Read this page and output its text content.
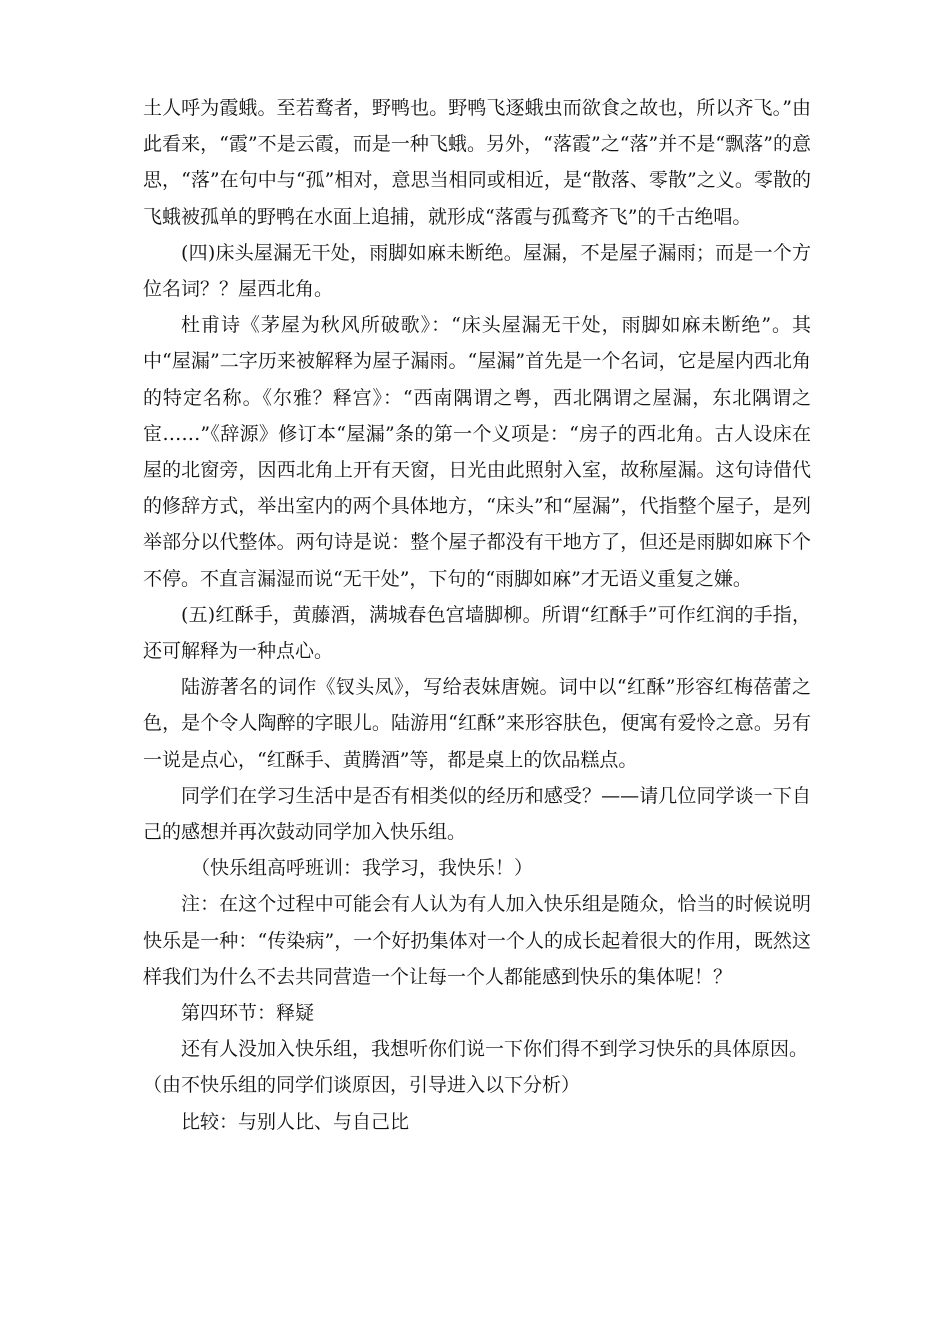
土人呼为霞蛾。至若鹜者，野鸭也。野鸭飞逐蛾虫而欲食之故也，所以齐飞。”由此看来，“霞”不是云霞，而是一种飞蛾。另外，“落霞”之“落”并不是“飘落”的意思，“落”在句中与“孤”相对，意思当相同或相近，是“散落、零散”之义。零散的飞蛾被孤单的野鸭在水面上追捕，就形成“落霞与孤鹜齐飞”的千古绝唱。

(四)床头屋漏无干处，雨脚如麻未断绝。屋漏，不是屋子漏雨；而是一个方位名词？？屋西北角。

杜甫诗《茅屋为秋风所破歌》：“床头屋漏无干处，雨脚如麻未断绝”。其中“屋漏”二字历来被解释为屋子漏雨。“屋漏”首先是一个名词，它是屋内西北角的特定名称。《尔雅？释宫》：“西南隅谓之粤，西北隅谓之屋漏，东北隅谓之宦……”《辞源》修订本“屋漏”条的第一个义项是：“房子的西北角。古人设床在屋的北窗旁，因西北角上开有天窗，日光由此照射入室，故称屋漏。这句诗借代的修辞方式，举出室内的两个具体地方，“床头”和“屋漏”，代指整个屋子，是列举部分以代整体。两句诗是说：整个屋子都没有干地方了，但还是雨脚如麻下个不停。不直言漏湿而说“无干处”，下句的“雨脚如麻”才无语义重复之嫌。

(五)红酥手，黄藤酒，满城春色宫墙脚柳。所谓“红酥手”可作红润的手指，还可解释为一种点心。

陆游著名的词作《钗头凤》，写给表妹唐婉。词中以“红酥”形容红梅蓓蕾之色，是个令人陶醉的字眼儿。陆游用“红酥”来形容肤色，便寓有爱怜之意。另有一说是点心，“红酥手、黄腾酒”等，都是桌上的饮品糕点。

同学们在学习生活中是否有相类似的经历和感受？——请几位同学谈一下自己的感想并再次鼓动同学加入快乐组。

（快乐组高呼班训：我学习，我快乐！）

注：在这个过程中可能会有人认为有人加入快乐组是随众，恰当的时候说明快乐是一种：“传染病”，一个好扔集体对一个人的成长起着很大的作用，既然这样我们为什么不去共同营造一个让每一个人都能感到快乐的集体呢！？

第四环节：释疑

还有人没加入快乐组，我想听你们说一下你们得不到学习快乐的具体原因。

（由不快乐组的同学们谈原因，引导进入以下分析）

比较：与别人比、与自己比
